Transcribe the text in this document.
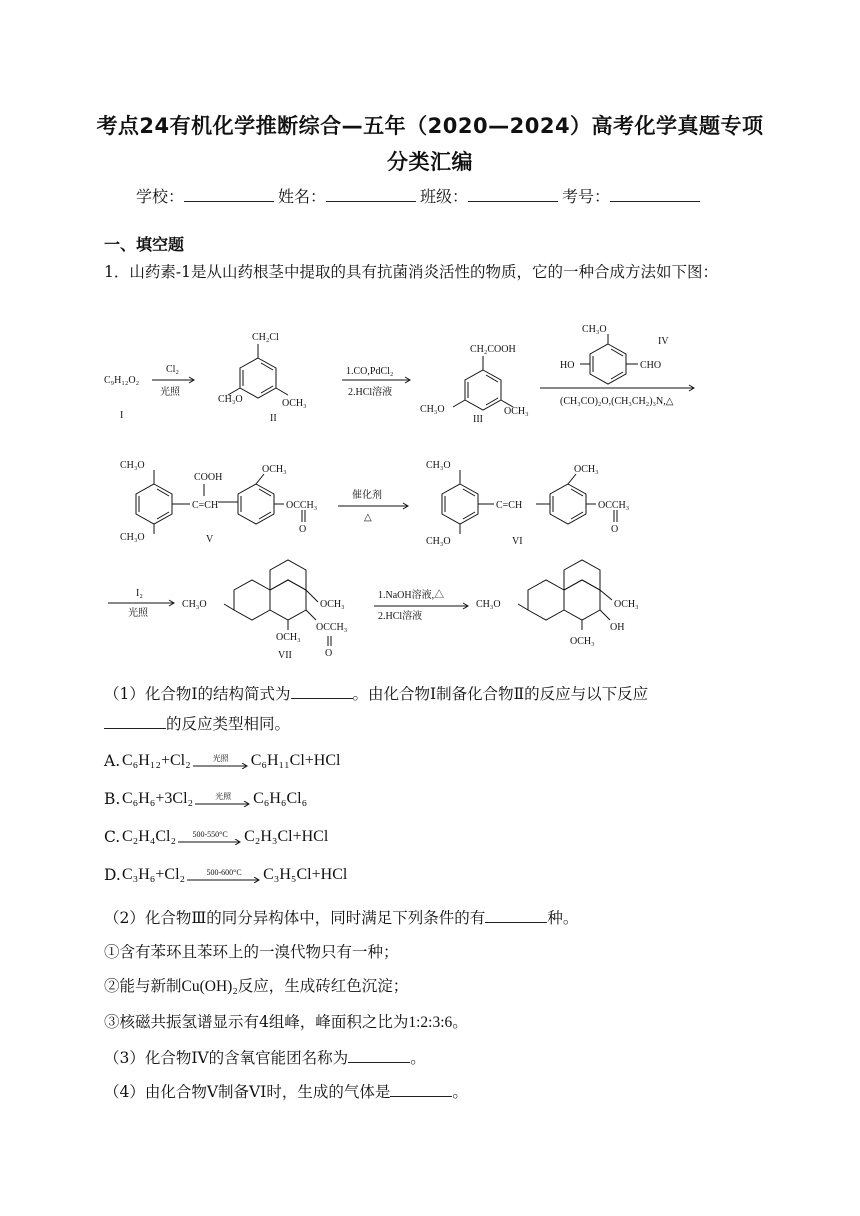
考点24有机化学推断综合—五年（2020—2024）高考化学真题专项
分类汇编
学校：	姓名：	班级：	考号：
一、填空题
1．山药素-1是从山药根茎中提取的具有抗菌消炎活性的物质，它的一种合成方法如下图：
C₉H₁₂O₂
I
Cl₂
光照
CH₂Cl
CH₃O	OCH₃
II
1.CO,PdCl₂
2.HCl溶液
CH₂COOH
CH₃O	OCH₃
III
CH₃O
IV
HO	CHO
(CH₃CO)₂O,(CH₃CH₂)₃N,△
CH₃O
CH₃O
COOH
C=CH
OCH₃
OCCH₃
O
V
催化剂
△
CH₃O
CH₃O
C=CH
OCH₃
OCCH₃
O
VI
I₂
光照
CH₃O	OCH₃
OCH₃
OCCH₃
O
VII
1.NaOH溶液,△
2.HCl溶液
CH₃O	OCH₃
OCH₃
OH
（1）化合物I的结构简式为	。由化合物I制备化合物Ⅱ的反应与以下反应
的反应类型相同。
A. C₆H₁₂+Cl₂	光照 C₆H₁₁Cl+HCl
B. C₆H₆+3Cl₂	光照 C₆H₆Cl₆
C. C₂H₄Cl₂ 500-550°C C₂H₃Cl+HCl
D. C₃H₆+Cl₂	500-600°C C₃H₅Cl+HCl
（2）化合物Ⅲ的同分异构体中，同时满足下列条件的有	种。
①含有苯环且苯环上的一溴代物只有一种；
②能与新制Cu(OH)₂反应，生成砖红色沉淀；
③核磁共振氢谱显示有4组峰，峰面积之比为1:2:3:6。
（3）化合物IV的含氧官能团名称为	。
（4）由化合物V制备VI时，生成的气体是	。
